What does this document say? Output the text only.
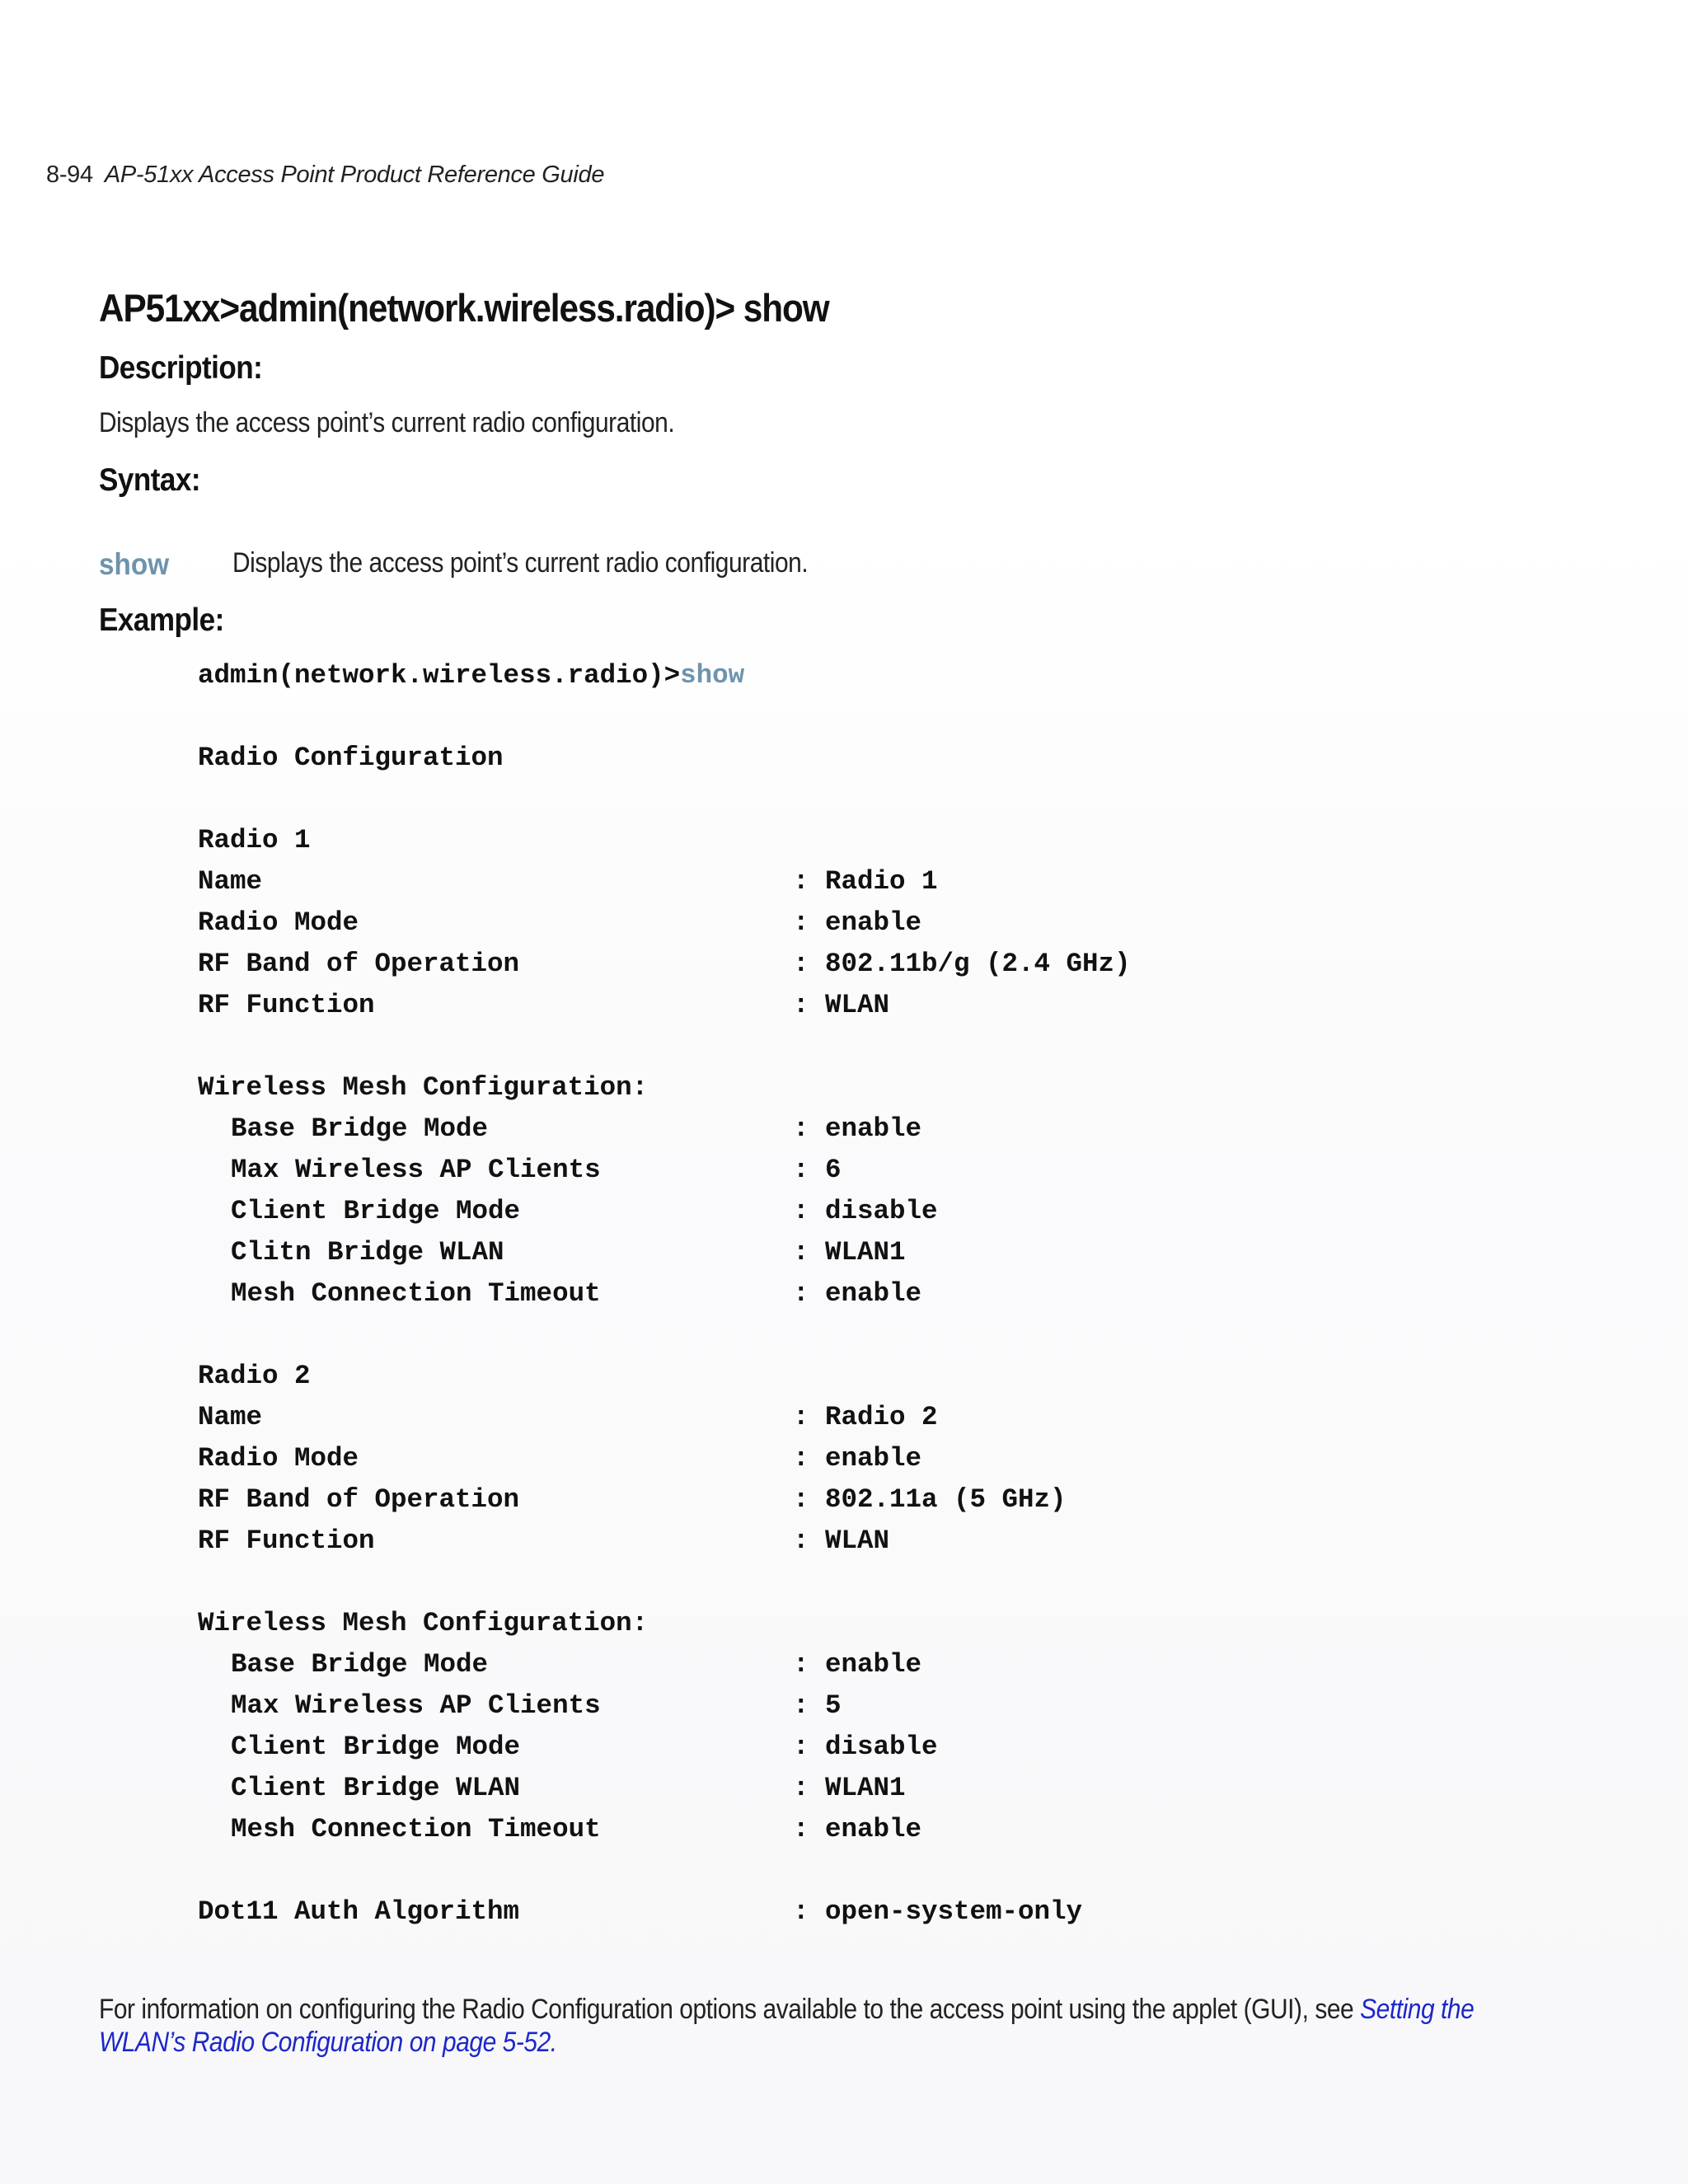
8-94 AP-51xx Access Point Product Reference Guide
AP51xx>admin(network.wireless.radio)> show
Description:
Displays the access point’s current radio configuration.
Syntax:
show Displays the access point’s current radio configuration.
Example:
admin(network.wireless.radio)>show
Radio Configuration
Radio 1
Name	: Radio 1
Radio Mode	: enable
RF Band of Operation	: 802.11b/g (2.4 GHz)
RF Function	: WLAN
Wireless Mesh Configuration:
Base Bridge Mode	: enable
Max Wireless AP Clients	: 6
Client Bridge Mode	: disable
Clitn Bridge WLAN	: WLAN1
Mesh Connection Timeout	: enable
Radio 2
Name	: Radio 2
Radio Mode	: enable
RF Band of Operation	: 802.11a (5 GHz)
RF Function	: WLAN
Wireless Mesh Configuration:
Base Bridge Mode	: enable
Max Wireless AP Clients	: 5
Client Bridge Mode	: disable
Client Bridge WLAN	: WLAN1
Mesh Connection Timeout	: enable
Dot11 Auth Algorithm	: open-system-only
For information on configuring the Radio Configuration options available to the access point using the applet (GUI), see Setting the
WLAN’s Radio Configuration on page 5-52.
